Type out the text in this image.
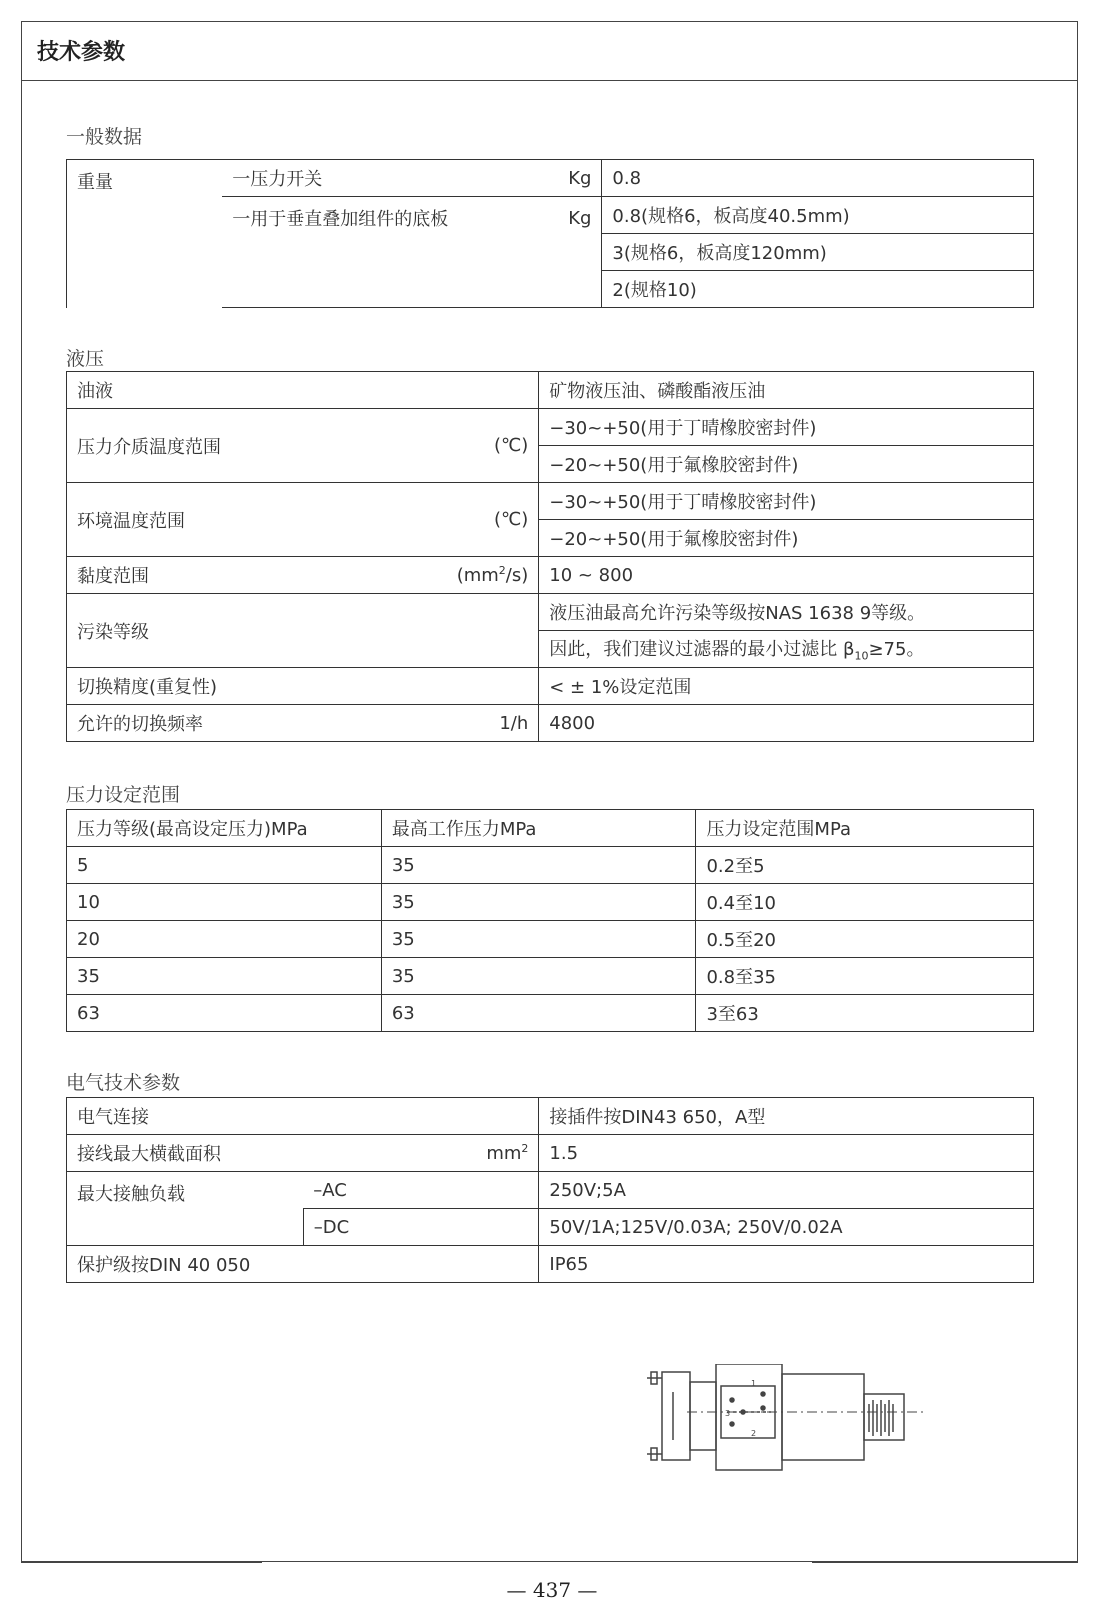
技术参数
一般数据
重量	一压力开关 Kg	0.8

	一用于垂直叠加组件的底板 Kg	0.8(规格6，板高度40.5mm)
		3(规格6，板高度120mm)
		2(规格10)
液压
油液	矿物液压油、磷酸酯液压油

压力介质温度范围 (℃)	−30~+50(用于丁晴橡胶密封件)
	−20~+50(用于氟橡胶密封件)

环境温度范围 (℃)	−30~+50(用于丁晴橡胶密封件)
	−20~+50(用于氟橡胶密封件)

黏度范围 $(mm^2/s)$	10 ~ 800
污染等级	液压油最高允许污染等级按NAS 1638 9等级。
	因此，我们建议过滤器的最小过滤比 $\beta_{10}\ge 75$。
切换精度(重复性)	< ± 1%设定范围

允许的切换频率 1/h	4800
压力设定范围
压力等级(最高设定压力)MPa	最高工作压力MPa	压力设定范围MPa
5	35	0.2至5
10	35	0.4至10
20	35	0.5至20
35	35	0.8至35
63	63	3至63
电气技术参数
电气连接		接插件按DIN43 650，A型

接线最大横截面积 $mm^2$		1.5
最大接触负载	–AC	250V;5A
	–DC	50V/1A;125V/0.03A; 250V/0.02A
保护级按DIN 40 050		IP65
1
2
3
— 437 —
